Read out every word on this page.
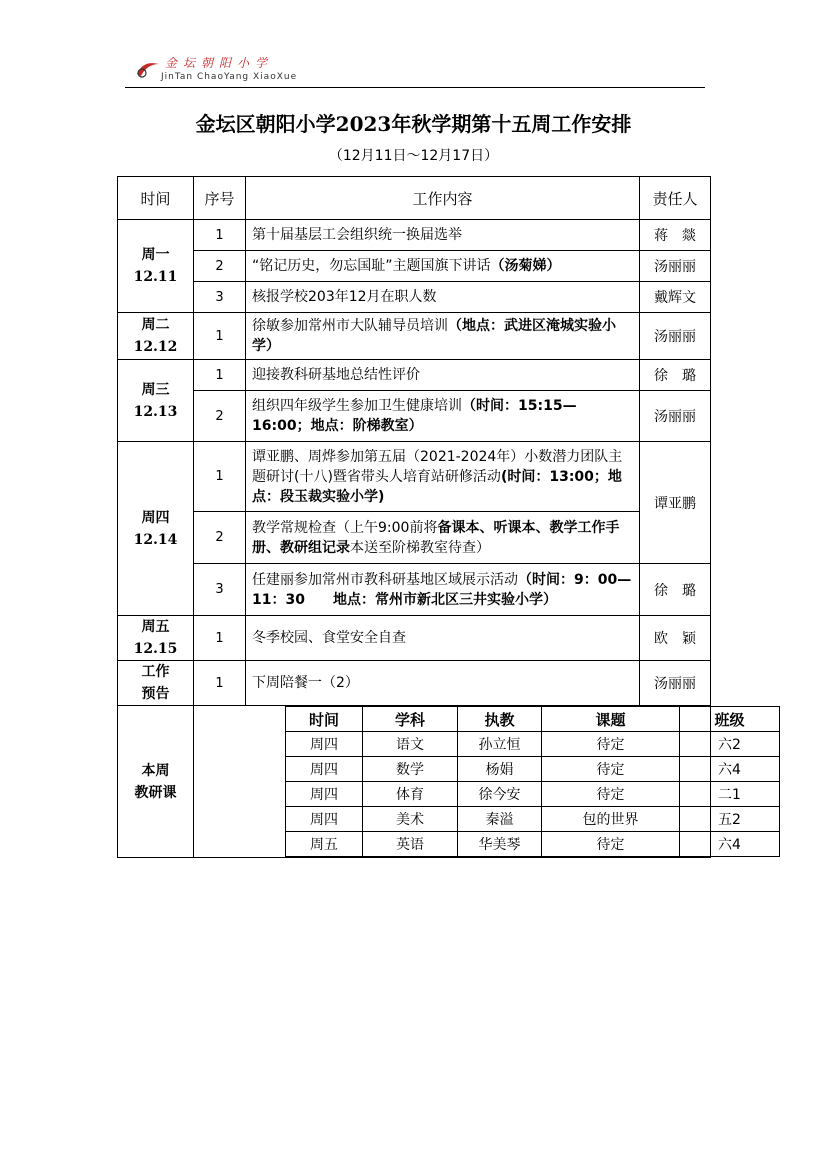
金坛朝阳小学
JinTan ChaoYang XiaoXue
金坛区朝阳小学2023年秋学期第十五周工作安排
（12月11日～12月17日）
时间	序号	工作内容	责任人

周一
12.11
	1	第十届基层工会组织统一换届选举	蒋　燚
2	“铭记历史，勿忘国耻”主题国旗下讲话（汤菊娣）	汤丽丽
3	核报学校203年12月在职人数	戴辉文

周二
12.12
	1	徐敏参加常州市大队辅导员培训（地点：武进区淹城实验小学）	汤丽丽

周三
12.13
	1	迎接教科研基地总结性评价	徐　璐
2	组织四年级学生参加卫生健康培训（时间：15:15—16:00；地点：阶梯教室）	汤丽丽

周四
12.14
	1	谭亚鹏、周烨参加第五届（2021-2024年）小数潜力团队主题研讨(十八)暨省带头人培育站研修活动(时间：13:00；地点：段玉裁实验小学)	谭亚鹏
2	教学常规检查（上午9:00前将备课本、听课本、教学工作手册、教研组记录本送至阶梯教室待查）
3	任建丽参加常州市教科研基地区域展示活动（时间：9：00—11：30　　地点：常州市新北区三井实验小学）	徐　璐

周五
12.15
	1	冬季校园、食堂安全自查	欧　颖

工作
预告
	1	下周陪餐一（2）	汤丽丽

本周
教研课

时间	学科	执教	课题	班级
周四	语文	孙立恒	待定	六2
周四	数学	杨娟	待定	六4
周四	体育	徐今安	待定	二1
周四	美术	秦溢	包的世界	五2
周五	英语	华美琴	待定	六4
